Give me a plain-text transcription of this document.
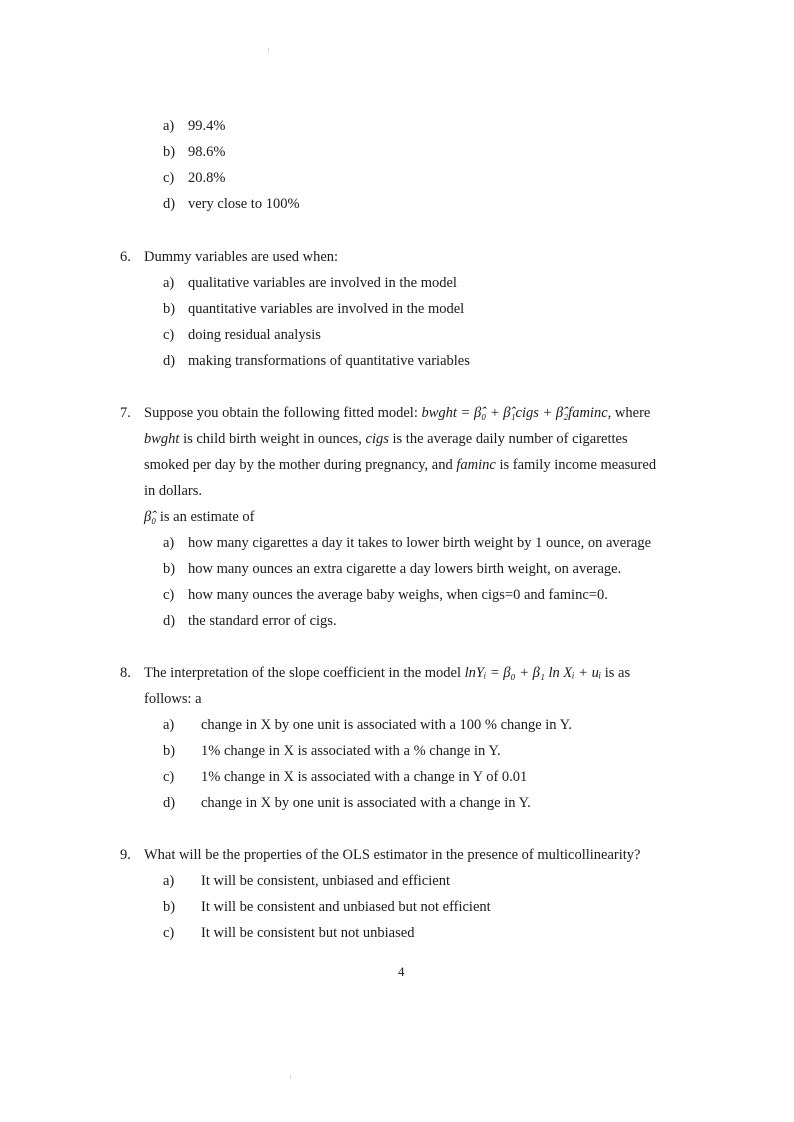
a) 99.4%
b) 98.6%
c) 20.8%
d) very close to 100%
6. Dummy variables are used when:
a) qualitative variables are involved in the model
b) quantitative variables are involved in the model
c) doing residual analysis
d) making transformations of quantitative variables
7. Suppose you obtain the following fitted model: bwght = β̂₀ + β̂₁cigs + β̂₂faminc, where
bwght is child birth weight in ounces, cigs is the average daily number of cigarettes
smoked per day by the mother during pregnancy, and faminc is family income measured
in dollars.
β̂₀ is an estimate of
a) how many cigarettes a day it takes to lower birth weight by 1 ounce, on average
b) how many ounces an extra cigarette a day lowers birth weight, on average.
c) how many ounces the average baby weighs, when cigs=0 and faminc=0.
d) the standard error of cigs.
8. The interpretation of the slope coefficient in the model lnYᵢ = β₀ + β₁ ln Xᵢ + uᵢ is as
follows: a
a) change in X by one unit is associated with a 100 % change in Y.
b) 1% change in X is associated with a % change in Y.
c) 1% change in X is associated with a change in Y of 0.01
d) change in X by one unit is associated with a change in Y.
9. What will be the properties of the OLS estimator in the presence of multicollinearity?
a) It will be consistent, unbiased and efficient
b) It will be consistent and unbiased but not efficient
c) It will be consistent but not unbiased
4
